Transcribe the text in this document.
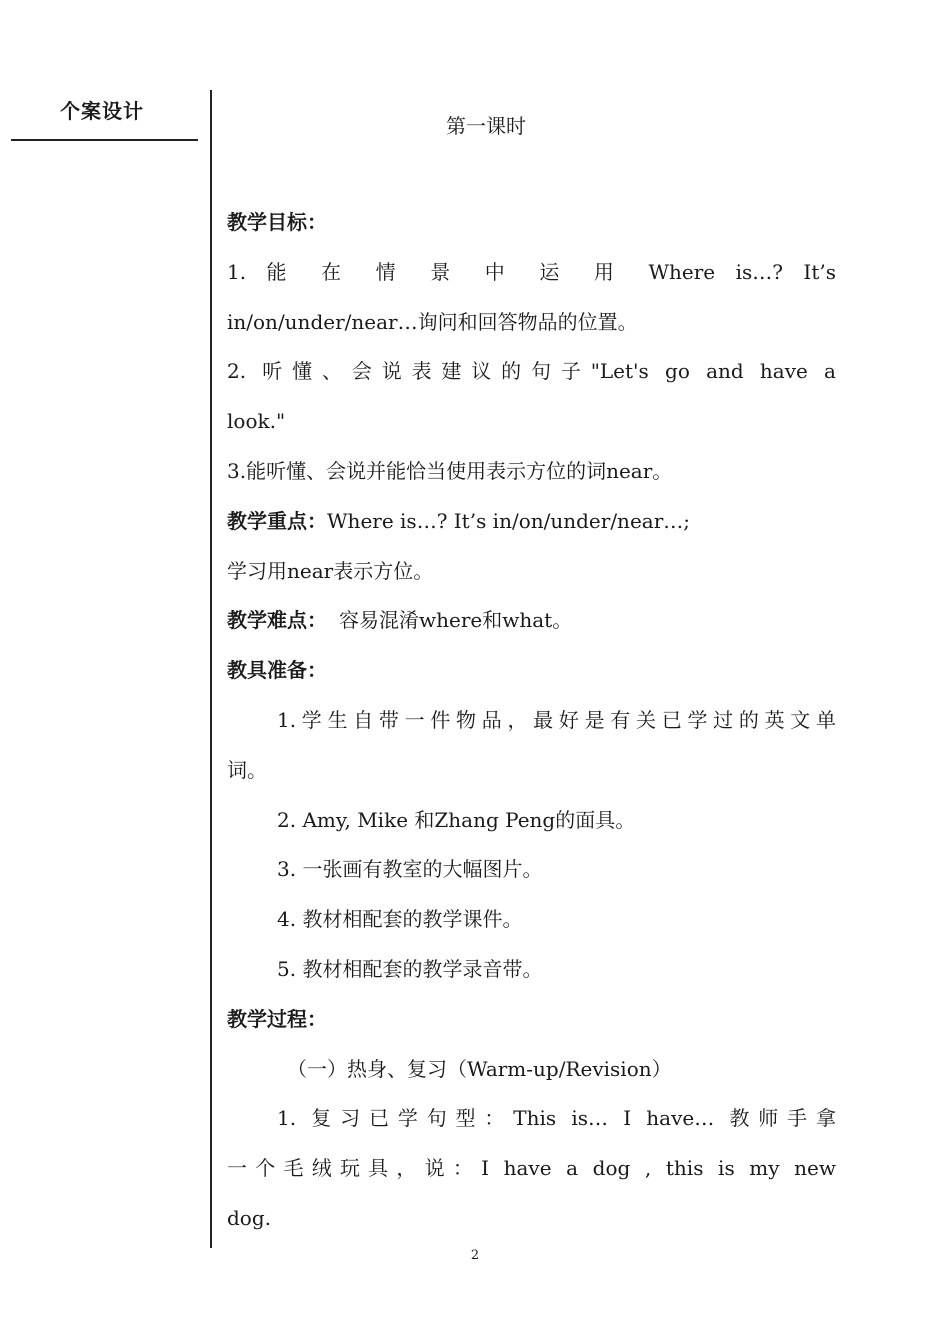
个案设计
第一课时

教学目标：

1. 能 在 情 景 中 运 用 Where is…? It’s

in/on/under/near…询问和回答物品的位置。

2. 听懂、会说表建议的句子"Let's go and have a

look."

3.能听懂、会说并能恰当使用表示方位的词near。

教学重点：Where is…? It’s in/on/under/near…;

学习用near表示方位。

教学难点： 容易混淆where和what。

教具准备：

1.学生自带一件物品，最好是有关已学过的英文单

词。

2. Amy, Mike 和Zhang Peng的面具。

3. 一张画有教室的大幅图片。

4. 教材相配套的教学课件。

5. 教材相配套的教学录音带。

教学过程：

（一）热身、复习（Warm-up/Revision）

1. 复习已学句型：This is… I have… 教师手拿

一个毛绒玩具，说：I have a dog , this is my new

dog.

2
